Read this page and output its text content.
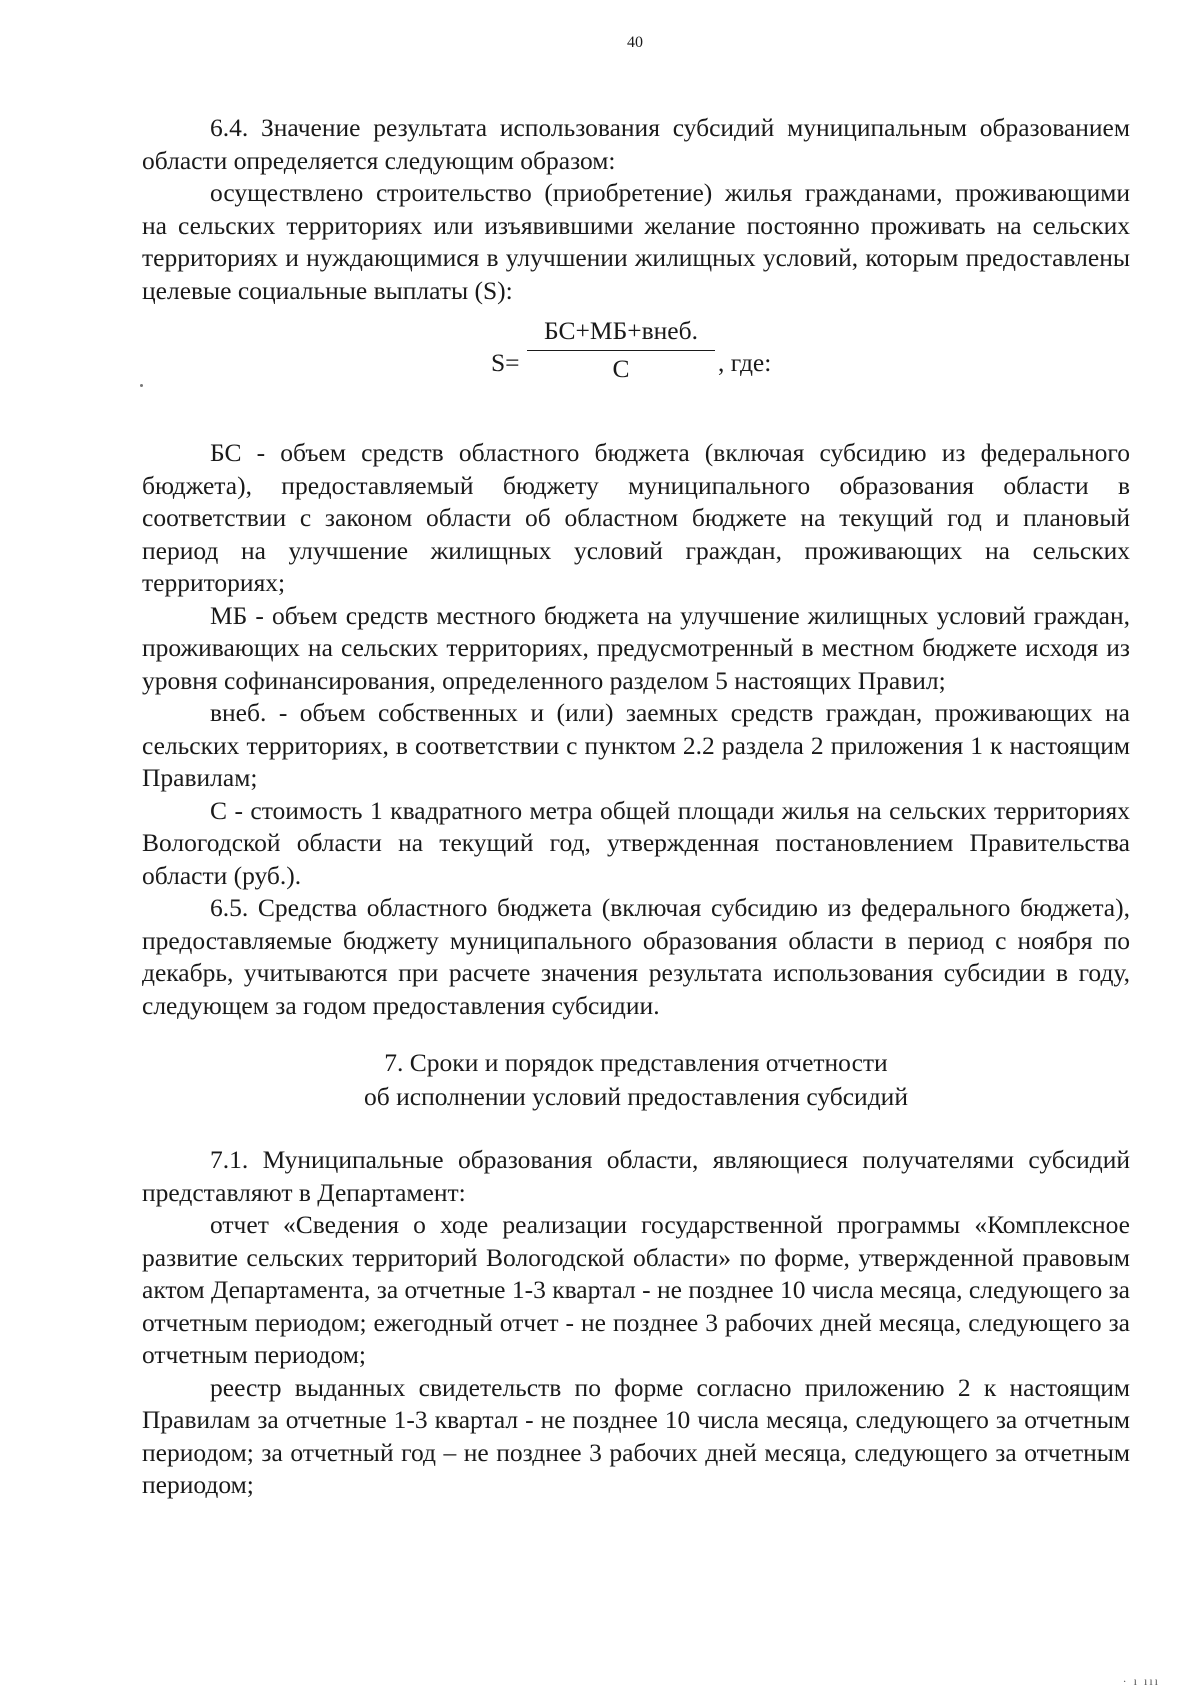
40

6.4. Значение результата использования субсидий муниципальным образованием области определяется следующим образом:

осуществлено строительство (приобретение) жилья гражданами, проживающими на сельских территориях или изъявившими желание постоянно проживать на сельских территориях и нуждающимися в улучшении жилищных условий, которым предоставлены целевые социальные выплаты (S):

S=
БС+МБ+внеб.
С	, где:

БС - объем средств областного бюджета (включая субсидию из федерального бюджета), предоставляемый бюджету муниципального образования области в соответствии с законом области об областном бюджете на текущий год и плановый период на улучшение жилищных условий граждан, проживающих на сельских территориях;

МБ - объем средств местного бюджета на улучшение жилищных условий граждан, проживающих на сельских территориях, предусмотренный в местном бюджете исходя из уровня софинансирования, определенного разделом 5 настоящих Правил;

внеб. - объем собственных и (или) заемных средств граждан, проживающих на сельских территориях, в соответствии с пунктом 2.2 раздела 2 приложения 1 к настоящим Правилам;

С - стоимость 1 квадратного метра общей площади жилья на сельских территориях Вологодской области на текущий год, утвержденная постановлением Правительства области (руб.).

6.5. Средства областного бюджета (включая субсидию из федерального бюджета), предоставляемые бюджету муниципального образования области в период с ноября по декабрь, учитываются при расчете значения результата использования субсидии в году, следующем за годом предоставления субсидии.

7. Сроки и порядок представления отчетности
об исполнении условий предоставления субсидий

7.1. Муниципальные образования области, являющиеся получателями субсидий представляют в Департамент:

отчет «Сведения о ходе реализации государственной программы «Комплексное развитие сельских территорий Вологодской области» по форме, утвержденной правовым актом Департамента, за отчетные 1-3 квартал - не позднее 10 числа месяца, следующего за отчетным периодом; ежегодный отчет - не позднее 3 рабочих дней месяца, следующего за отчетным периодом;

реестр выданных свидетельств по форме согласно приложению 2 к настоящим Правилам за отчетные 1-3 квартал - не позднее 10 числа месяца, следующего за отчетным периодом; за отчетный год – не позднее 3 рабочих дней месяца, следующего за отчетным периодом;

· ı ııı
